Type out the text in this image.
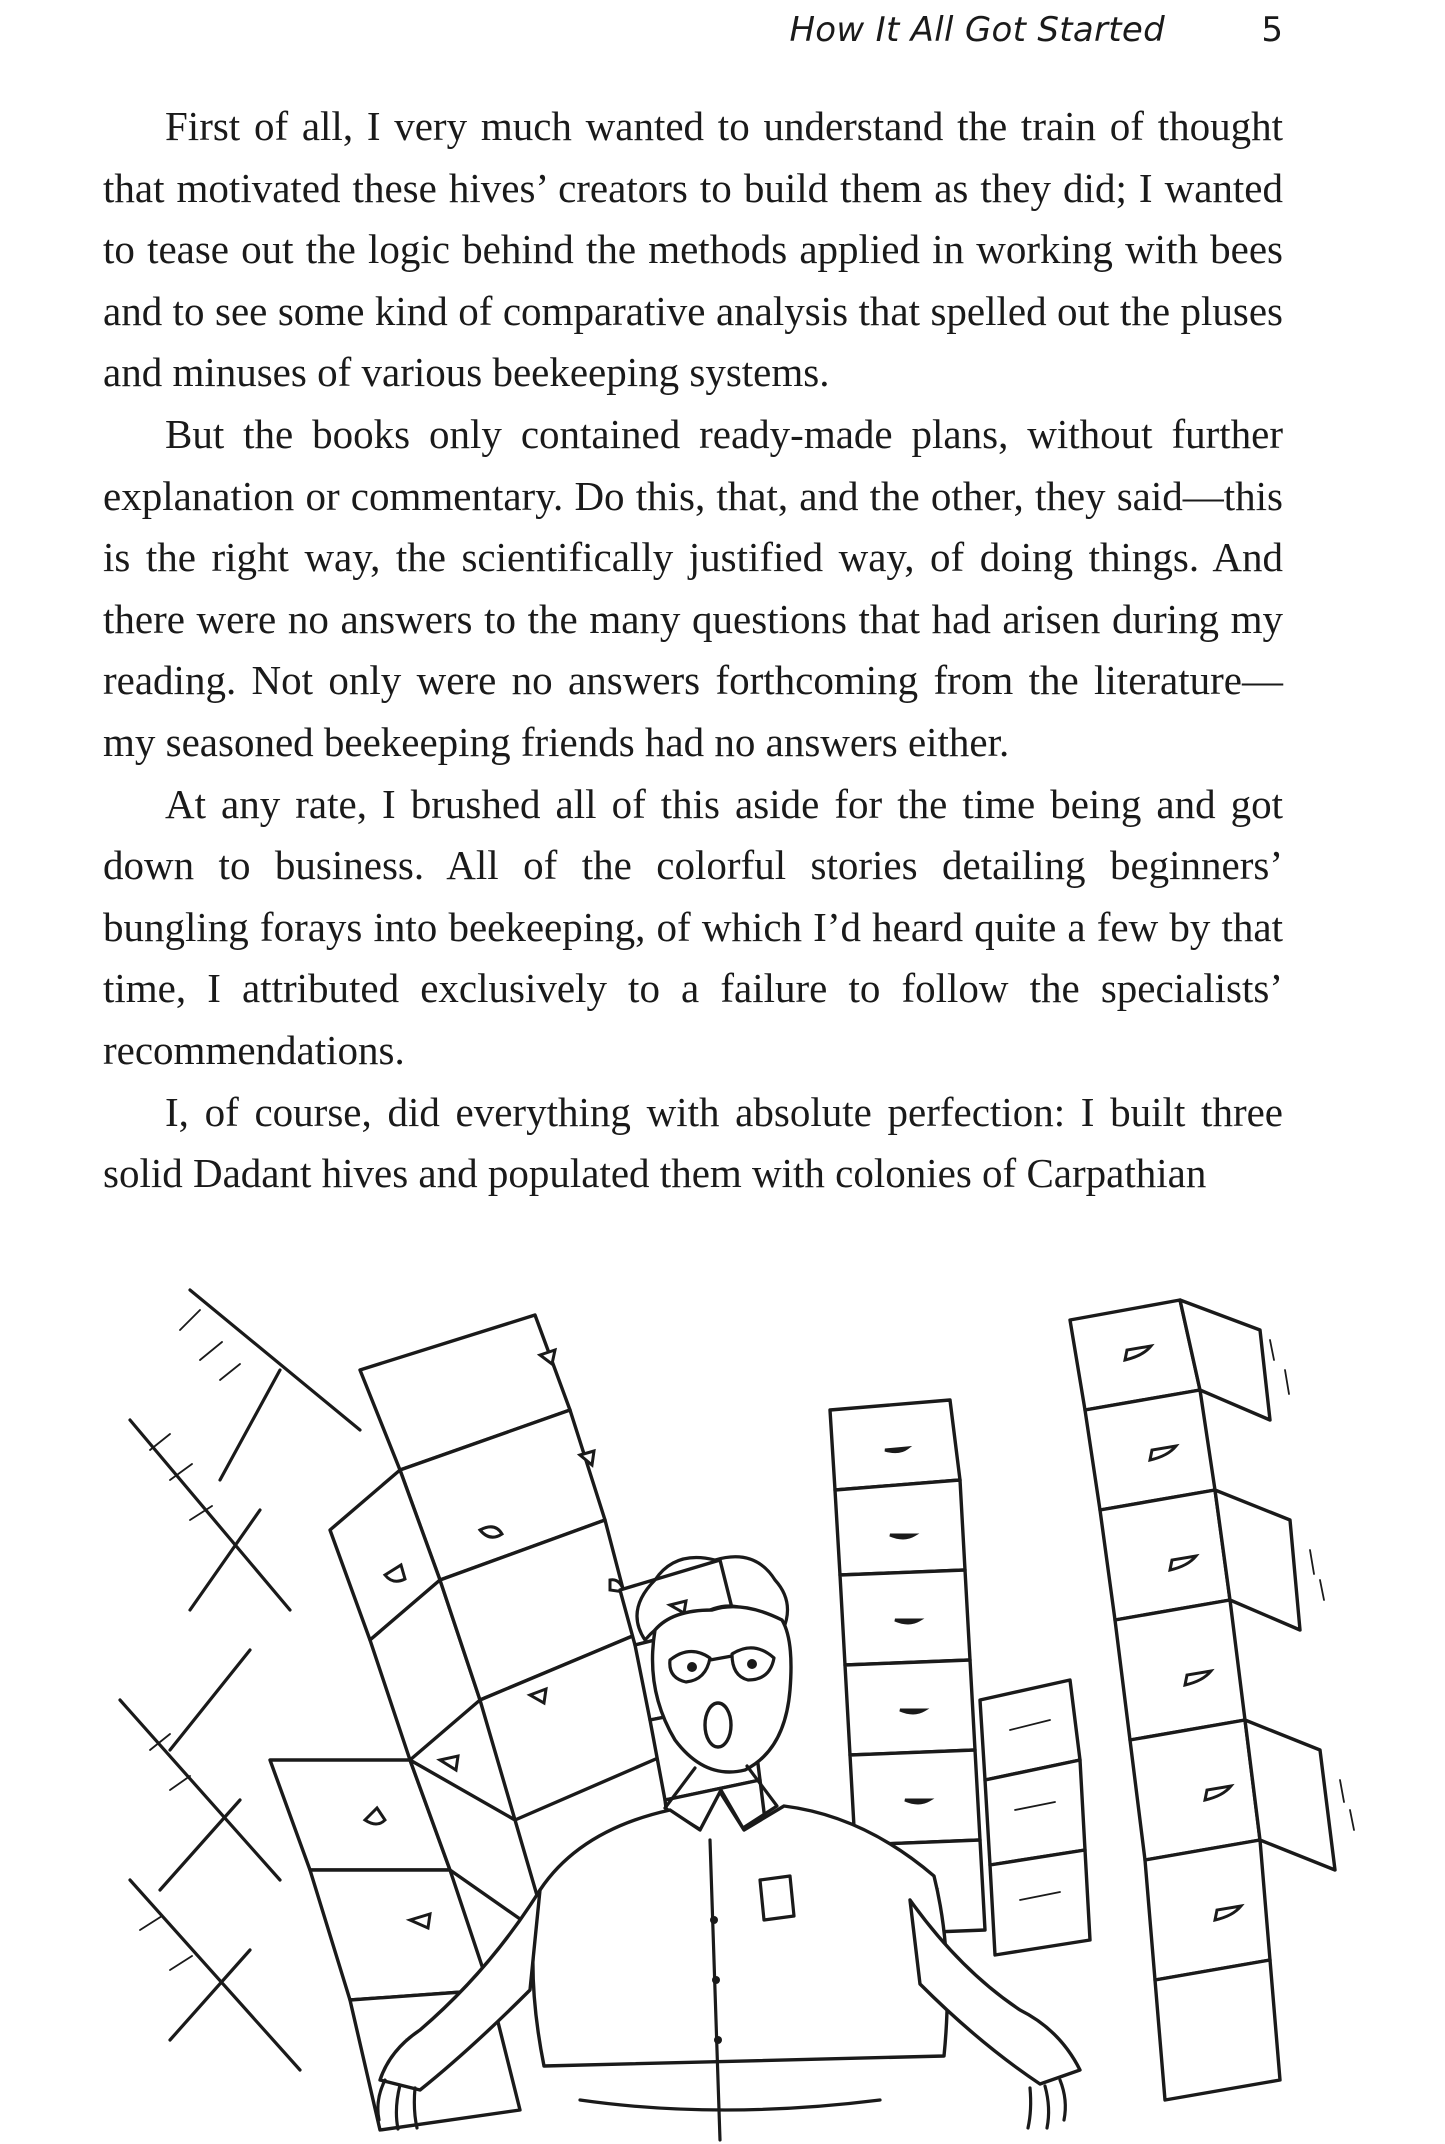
How It All Got Started	5

First of all, I very much wanted to understand the train of thought that motivated these hives’ creators to build them as they did; I wanted to tease out the logic behind the methods applied in working with bees and to see some kind of comparative analysis that spelled out the pluses and minuses of various beekeeping systems.

But the books only contained ready-made plans, without further explanation or commentary. Do this, that, and the other, they said—this is the right way, the scientifically justified way, of doing things. And there were no answers to the many questions that had arisen during my reading. Not only were no answers forthcoming from the literature—my seasoned beekeeping friends had no answers either.

At any rate, I brushed all of this aside for the time being and got down to business. All of the colorful stories detailing beginners’ bungling forays into beekeeping, of which I’d heard quite a few by that time, I attributed exclusively to a failure to follow the specialists’ recommendations.

I, of course, did everything with absolute perfection: I built three solid Dadant hives and populated them with colonies of Carpathian
